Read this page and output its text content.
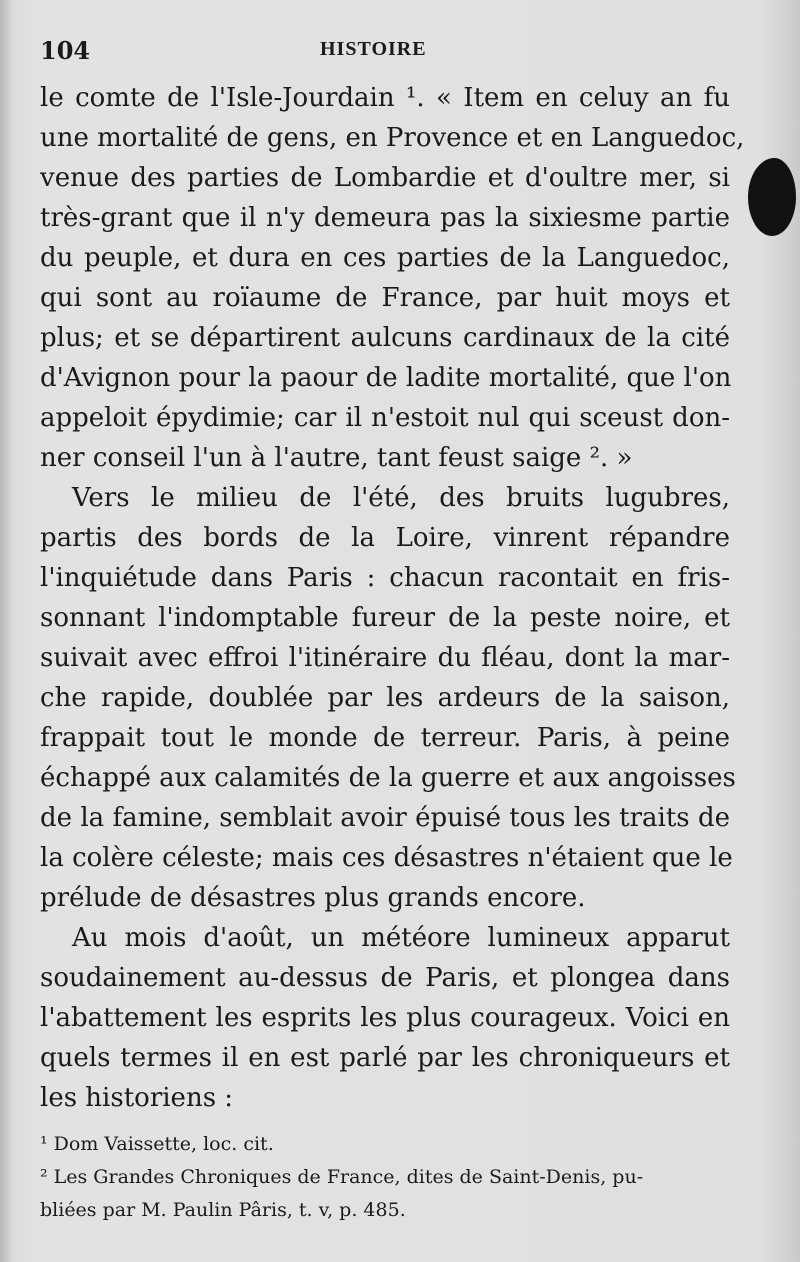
104	HISTOIRE

le comte de l'Isle-Jourdain ¹. « Item en celuy an fu
une mortalité de gens, en Provence et en Languedoc,
venue des parties de Lombardie et d'oultre mer, si
très-grant que il n'y demeura pas la sixiesme partie
du peuple, et dura en ces parties de la Languedoc,
qui sont au roïaume de France, par huit moys et
plus; et se départirent aulcuns cardinaux de la cité
d'Avignon pour la paour de ladite mortalité, que l'on
appeloit épydimie; car il n'estoit nul qui sceust don-
ner conseil l'un à l'autre, tant feust saige ². »

Vers le milieu de l'été, des bruits lugubres,
partis des bords de la Loire, vinrent répandre
l'inquiétude dans Paris : chacun racontait en fris-
sonnant l'indomptable fureur de la peste noire, et
suivait avec effroi l'itinéraire du fléau, dont la mar-
che rapide, doublée par les ardeurs de la saison,
frappait tout le monde de terreur. Paris, à peine
échappé aux calamités de la guerre et aux angoisses
de la famine, semblait avoir épuisé tous les traits de
la colère céleste; mais ces désastres n'étaient que le
prélude de désastres plus grands encore.

Au mois d'août, un météore lumineux apparut
soudainement au-dessus de Paris, et plongea dans
l'abattement les esprits les plus courageux. Voici en
quels termes il en est parlé par les chroniqueurs et
les historiens :

¹ Dom Vaissette, loc. cit.

² Les Grandes Chroniques de France, dites de Saint-Denis, pu-

bliées par M. Paulin Pâris, t. v, p. 485.
